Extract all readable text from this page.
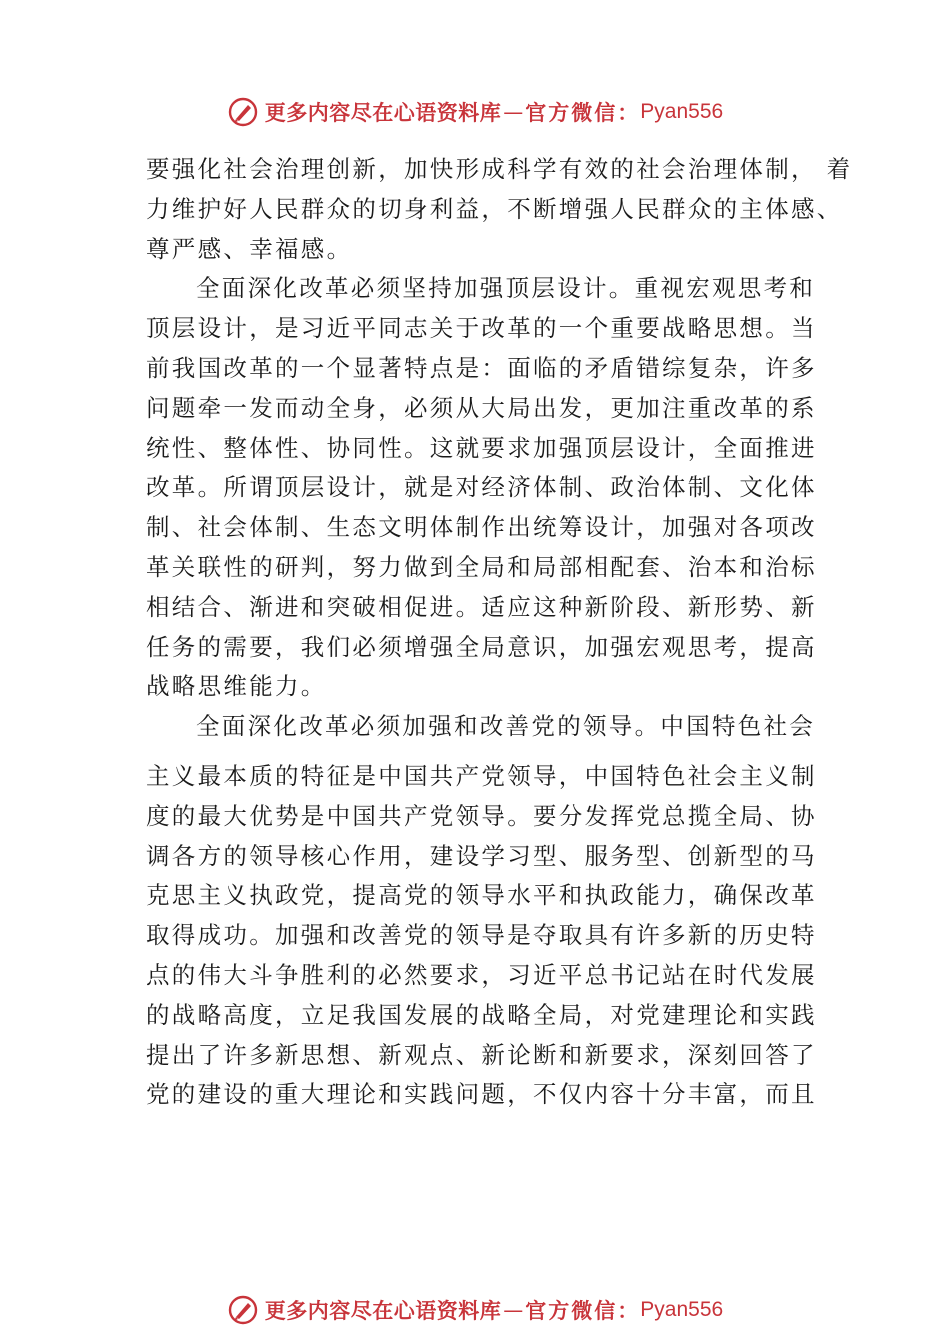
更多内容尽在心语资料库 — 官方微信： Pyan556
要强化社会治理创新，加快形成科学有效的社会治理体制， 着
力维护好人民群众的切身利益，不断增强人民群众的主体感、
尊严感、幸福感。
全面深化改革必须坚持加强顶层设计。重视宏观思考和
顶层设计，是习近平同志关于改革的一个重要战略思想。当
前我国改革的一个显著特点是：面临的矛盾错综复杂，许多
问题牵一发而动全身，必须从大局出发，更加注重改革的系
统性、整体性、协同性。这就要求加强顶层设计，全面推进
改革。所谓顶层设计，就是对经济体制、政治体制、文化体
制、社会体制、生态文明体制作出统筹设计，加强对各项改
革关联性的研判，努力做到全局和局部相配套、治本和治标
相结合、渐进和突破相促进。适应这种新阶段、新形势、新
任务的需要，我们必须增强全局意识，加强宏观思考，提高
战略思维能力。
全面深化改革必须加强和改善党的领导。中国特色社会
主义最本质的特征是中国共产党领导，中国特色社会主义制
度的最大优势是中国共产党领导。要分发挥党总揽全局、协
调各方的领导核心作用，建设学习型、服务型、创新型的马
克思主义执政党，提高党的领导水平和执政能力，确保改革
取得成功。加强和改善党的领导是夺取具有许多新的历史特
点的伟大斗争胜利的必然要求，习近平总书记站在时代发展
的战略高度，立足我国发展的战略全局，对党建理论和实践
提出了许多新思想、新观点、新论断和新要求，深刻回答了
党的建设的重大理论和实践问题，不仅内容十分丰富，而且
更多内容尽在心语资料库 — 官方微信： Pyan556
